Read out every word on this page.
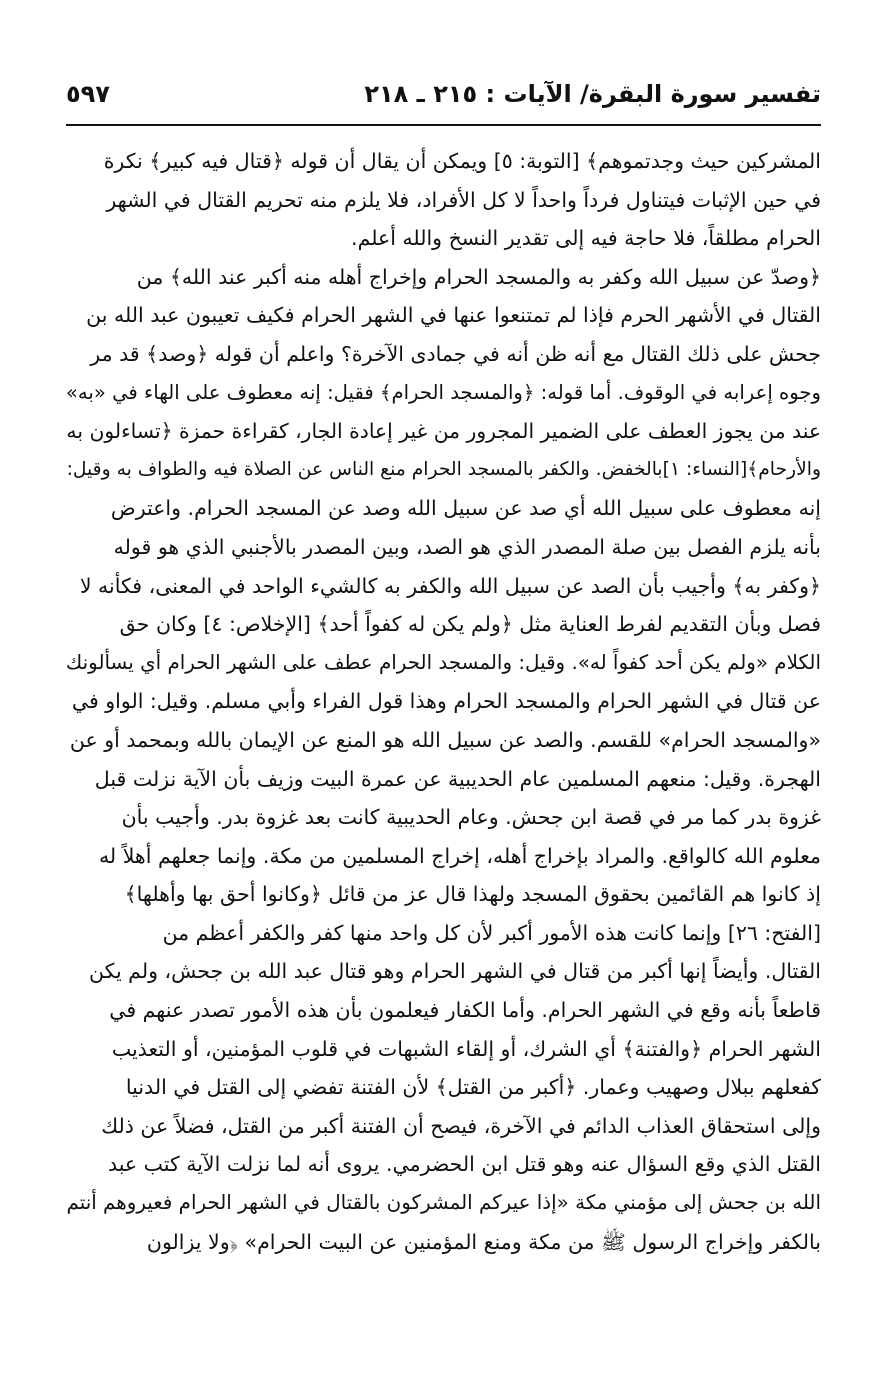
تفسير سورة البقرة/ الآيات : ٢١٥ ـ ٢١٨
٥٩٧
المشركين حيث وجدتموهم﴾ [التوبة: ٥] ويمكن أن يقال أن قوله ﴿قتال فيه كبير﴾ نكرة
في حين الإثبات فيتناول فرداً واحداً لا كل الأفراد، فلا يلزم منه تحريم القتال في الشهر
الحرام مطلقاً، فلا حاجة فيه إلى تقدير النسخ والله أعلم.
﴿وصدّ عن سبيل الله وكفر به والمسجد الحرام وإخراج أهله منه أكبر عند الله﴾ من
القتال في الأشهر الحرم فإذا لم تمتنعوا عنها في الشهر الحرام فكيف تعيبون عبد الله بن
جحش على ذلك القتال مع أنه ظن أنه في جمادى الآخرة؟ واعلم أن قوله ﴿وصد﴾ قد مر
وجوه إعرابه في الوقوف. أما قوله: ﴿والمسجد الحرام﴾ فقيل: إنه معطوف على الهاء في «به»
عند من يجوز العطف على الضمير المجرور من غير إعادة الجار، كقراءة حمزة ﴿تساءلون به
والأرحام﴾[النساء: ١]بالخفض. والكفر بالمسجد الحرام منع الناس عن الصلاة فيه والطواف به وقيل:
إنه معطوف على سبيل الله أي صد عن سبيل الله وصد عن المسجد الحرام. واعترض
بأنه يلزم الفصل بين صلة المصدر الذي هو الصد، وبين المصدر بالأجنبي الذي هو قوله
﴿وكفر به﴾ وأجيب بأن الصد عن سبيل الله والكفر به كالشيء الواحد في المعنى، فكأنه لا
فصل وبأن التقديم لفرط العناية مثل ﴿ولم يكن له كفواً أحد﴾ [الإخلاص: ٤] وكان حق
الكلام «ولم يكن أحد كفواً له». وقيل: والمسجد الحرام عطف على الشهر الحرام أي يسألونك
عن قتال في الشهر الحرام والمسجد الحرام وهذا قول الفراء وأبي مسلم. وقيل: الواو في
«والمسجد الحرام» للقسم. والصد عن سبيل الله هو المنع عن الإيمان بالله وبمحمد أو عن
الهجرة. وقيل: منعهم المسلمين عام الحديبية عن عمرة البيت وزيف بأن الآية نزلت قبل
غزوة بدر كما مر في قصة ابن جحش. وعام الحديبية كانت بعد غزوة بدر. وأجيب بأن
معلوم الله كالواقع. والمراد بإخراج أهله، إخراج المسلمين من مكة. وإنما جعلهم أهلاً له
إذ كانوا هم القائمين بحقوق المسجد ولهذا قال عز من قائل ﴿وكانوا أحق بها وأهلها﴾
[الفتح: ٢٦] وإنما كانت هذه الأمور أكبر لأن كل واحد منها كفر والكفر أعظم من
القتال. وأيضاً إنها أكبر من قتال في الشهر الحرام وهو قتال عبد الله بن جحش، ولم يكن
قاطعاً بأنه وقع في الشهر الحرام. وأما الكفار فيعلمون بأن هذه الأمور تصدر عنهم في
الشهر الحرام ﴿والفتنة﴾ أي الشرك، أو إلقاء الشبهات في قلوب المؤمنين، أو التعذيب
كفعلهم ببلال وصهيب وعمار. ﴿أكبر من القتل﴾ لأن الفتنة تفضي إلى القتل في الدنيا
وإلى استحقاق العذاب الدائم في الآخرة، فيصح أن الفتنة أكبر من القتل، فضلاً عن ذلك
القتل الذي وقع السؤال عنه وهو قتل ابن الحضرمي. يروى أنه لما نزلت الآية كتب عبد
الله بن جحش إلى مؤمني مكة «إذا عيركم المشركون بالقتال في الشهر الحرام فعيروهم أنتم
بالكفر وإخراج الرسول ﷺ من مكة ومنع المؤمنين عن البيت الحرام» ﴿ولا يزالون
